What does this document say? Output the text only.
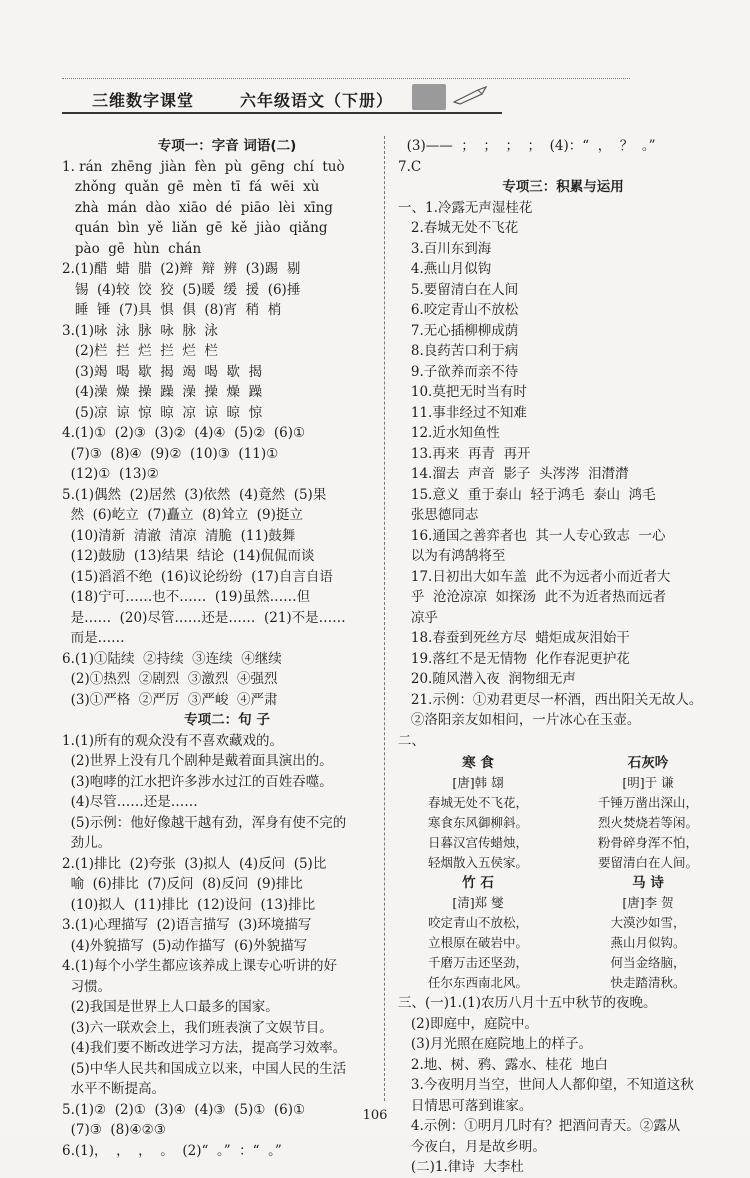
三维数字课堂	六年级语文（下册）
专项一：字音 词语(二)
1. rán  zhēng  jiàn  fèn  pù  gēng  chí  tuò
zhǒng  quǎn  gē  mèn  tī  fá  wēi  xù
zhà  mán  dào  xiāo  dé  piāo  lèi  xīng
quán  bìn  yě  liǎn  gē  kě  jiào  qiǎng
pào  gē  hùn  chán
2.(1)醋  蜡  腊  (2)辫  辩  辨  (3)踢  剔
锡  (4)较  饺  狡  (5)暖  缓  援  (6)捶
睡  锤  (7)具  惧  俱  (8)宵  稍  梢
3.(1)咏  泳  脉  咏  脉  泳
(2)栏  拦  烂  拦  烂  栏
(3)竭  喝  歇  揭  竭  喝  歇  揭
(4)澡  燥  操  躁  澡  操  燥  躁
(5)凉  谅  惊  晾  凉  谅  晾  惊
4.(1)①  (2)③  (3)②  (4)④  (5)②  (6)①
(7)③  (8)④  (9)②  (10)③  (11)①
(12)①  (13)②
5.(1)偶然  (2)居然  (3)依然  (4)竟然  (5)果
然  (6)屹立  (7)矗立  (8)耸立  (9)挺立
(10)清新  清澈  清凉  清脆  (11)鼓舞
(12)鼓励  (13)结果  结论  (14)侃侃而谈
(15)滔滔不绝  (16)议论纷纷  (17)自言自语
(18)宁可……也不……  (19)虽然……但
是……  (20)尽管……还是……  (21)不是……
而是……
6.(1)①陆续  ②持续  ③连续  ④继续
(2)①热烈  ②剧烈  ③激烈  ④强烈
(3)①严格  ②严厉  ③严峻  ④严肃
专项二：句 子
1.(1)所有的观众没有不喜欢藏戏的。
(2)世界上没有几个剧种是戴着面具演出的。
(3)咆哮的江水把许多涉水过江的百姓吞噬。
(4)尽管……还是……
(5)示例：他好像越干越有劲，浑身有使不完的
劲儿。
2.(1)排比  (2)夸张  (3)拟人  (4)反问  (5)比
喻  (6)排比  (7)反问  (8)反问  (9)排比
(10)拟人  (11)排比  (12)设问  (13)排比
3.(1)心理描写  (2)语言描写  (3)环境描写
(4)外貌描写  (5)动作描写  (6)外貌描写
4.(1)每个小学生都应该养成上课专心听讲的好
习惯。
(2)我国是世界上人口最多的国家。
(3)六一联欢会上，我们班表演了文娱节目。
(4)我们要不断改进学习方法，提高学习效率。
(5)中华人民共和国成立以来，中国人民的生活
水平不断提高。
5.(1)②  (2)①  (3)④  (4)③  (5)①  (6)①
(7)③  (8)④②③
6.(1)，  ，  ，  。  (2)“  。”  ：“  。”
(3)——  ；  ；  ；  ；  (4)：“  ，  ？  。”
7.C
专项三：积累与运用
一、1.冷露无声湿桂花
2.春城无处不飞花
3.百川东到海
4.燕山月似钩
5.要留清白在人间
6.咬定青山不放松
7.无心插柳柳成荫
8.良药苦口利于病
9.子欲养而亲不待
10.莫把无时当有时
11.事非经过不知难
12.近水知鱼性
13.再来  再青  再开
14.溜去  声音  影子  头涔涔  泪潸潸
15.意义  重于泰山  轻于鸿毛  泰山  鸿毛
张思德同志
16.通国之善弈者也  其一人专心致志  一心
以为有鸿鹄将至
17.日初出大如车盖  此不为远者小而近者大
乎  沧沧凉凉  如探汤  此不为近者热而远者
凉乎
18.春蚕到死丝方尽  蜡炬成灰泪始干
19.落红不是无情物  化作春泥更护花
20.随风潜入夜  润物细无声
21.示例：①劝君更尽一杯酒，西出阳关无故人。
②洛阳亲友如相问，一片冰心在玉壶。
二、
寒 食
[唐]韩 翃
春城无处不飞花，
寒食东风御柳斜。
日暮汉宫传蜡烛，
轻烟散入五侯家。
石灰吟
[明]于 谦
千锤万凿出深山，
烈火焚烧若等闲。
粉骨碎身浑不怕，
要留清白在人间。
竹 石
[清]郑 燮
咬定青山不放松，
立根原在破岩中。
千磨万击还坚劲，
任尔东西南北风。
马 诗
[唐]李 贺
大漠沙如雪，
燕山月似钩。
何当金络脑，
快走踏清秋。
三、(一)1.(1)农历八月十五中秋节的夜晚。
(2)即庭中，庭院中。
(3)月光照在庭院地上的样子。
2.地、树、鸦、露水、桂花  地白
3.今夜明月当空，世间人人都仰望，不知道这秋
日情思可落到谁家。
4.示例：①明月几时有？把酒问青天。②露从
今夜白，月是故乡明。
(二)1.律诗  大李杜
106
